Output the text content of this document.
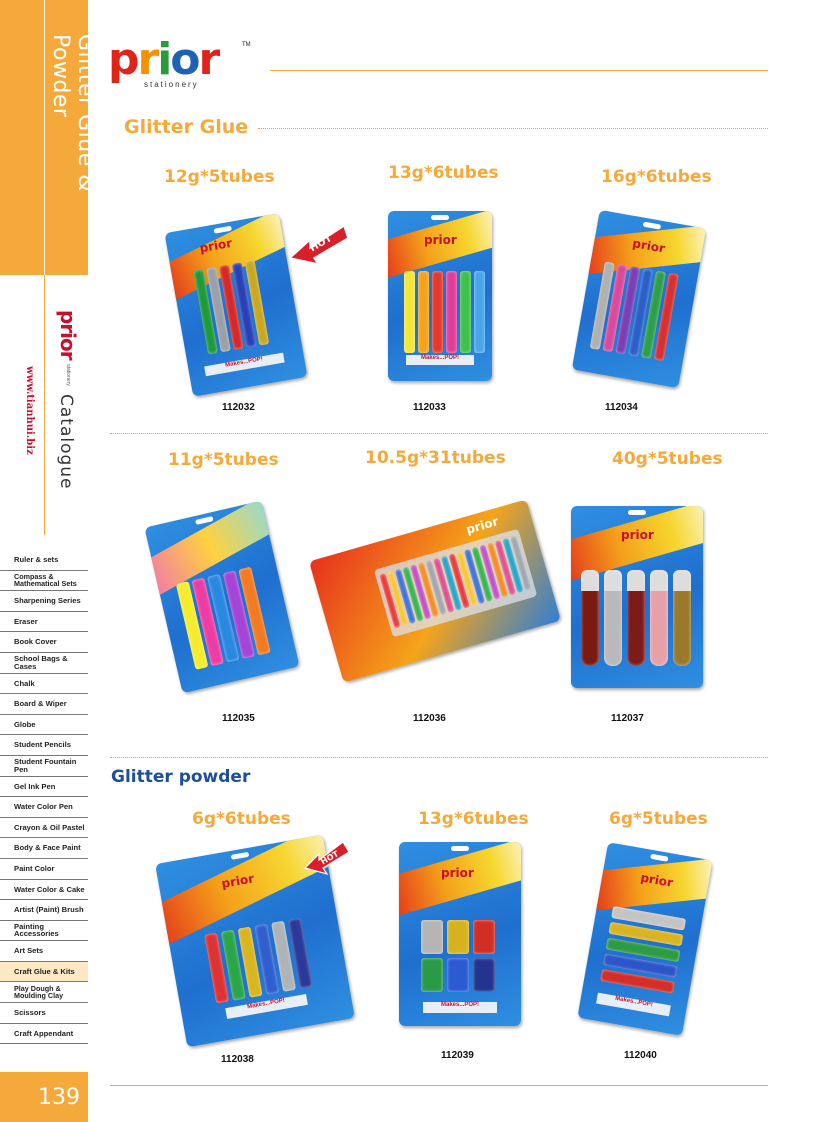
Glitter Glue & Powder
prior stationery
www.tianhui.biz Catalogue
Ruler & sets
Compass & Mathematical Sets
Sharpening Series
Eraser
Book Cover
School Bags & Cases
Chalk
Board & Wiper
Globe
Student Pencils
Student Fountain Pen
Gel Ink Pen
Water Color Pen
Crayon & Oil Pastel
Body & Face Paint
Paint Color
Water Color & Cake
Artist (Paint) Brush
Painting Accessories
Art Sets
Craft Glue & Kits
Play Dough & Moulding Clay
Scissors
Craft Appendant
139
p r i o r
stationery
TM
Glitter Glue
12g*5tubes	13g*6tubes	16g*6tubes
prior
Makes...POP!
HOT
112032
prior
Makes...POP!
112033
prior
112034
11g*5tubes	10.5g*31tubes	40g*5tubes
112035
prior
112036
prior
112037
Glitter powder
6g*6tubes	13g*6tubes	6g*5tubes
prior
Makes...POP!
HOT
112038
prior
Makes...POP!
112039
prior
Makes...POP!
112040
